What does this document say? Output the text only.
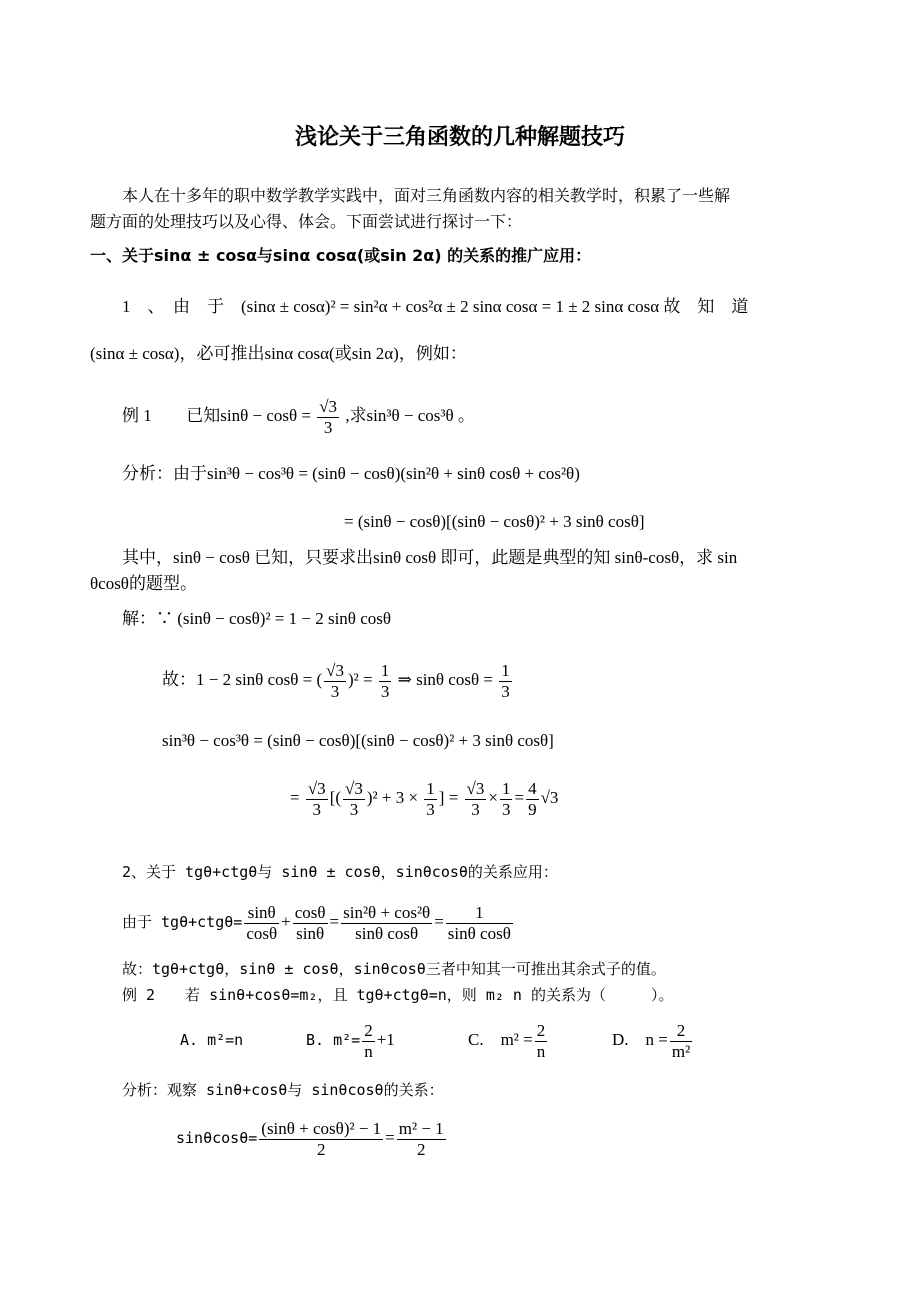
浅论关于三角函数的几种解题技巧
本人在十多年的职中数学教学实践中，面对三角函数内容的相关教学时，积累了一些解
题方面的处理技巧以及心得、体会。下面尝试进行探讨一下：
一、关于sinα ± cosα与sinα cosα(或sin 2α) 的关系的推广应用：
1　、　由　于　(sinα ± cosα)² = sin²α + cos²α ± 2 sinα cosα = 1 ± 2 sinα cosα 故　知　道
(sinα ± cosα)，必可推出sinα cosα(或sin 2α)，例如：
例 1 已知$\sin\theta - \cos\theta = \frac{√3}{3}$ ,求sin³θ − cos³θ 。
分析：由于sin³θ − cos³θ = (sinθ − cosθ)(sin²θ + sinθ cosθ + cos²θ)
= (sinθ − cosθ)[(sinθ − cosθ)² + 3 sinθ cosθ]
其中，sinθ − cosθ 已知，只要求出sinθ cosθ 即可，此题是典型的知 sinθ-cosθ，求 sin
θcosθ的题型。
解：∵ (sinθ − cosθ)² = 1 − 2 sinθ cosθ
故：1 − 2 sinθ cosθ = ( $\frac{√3}{3} )^2 = \frac{1}{3}$ ⇒ sinθ $\cos\theta = \frac{1}{3}$
sin³θ − cos³θ = (sinθ − cosθ)[(sinθ − cosθ)² + 3 sinθ cosθ]
= $\frac{√3}{3}$ [( $\frac{√3}{3} )^2 + 3 \times \frac{1}{3}$ ] = $\frac{√3}{3} \times \frac{1}{3} = \frac{4}{9} √3$
2、关于 tgθ+ctgθ与 sinθ ± cosθ，sinθcosθ的关系应用：
由于 $tg\theta+ctg\theta= \frac{\sin\theta}{\cos\theta} + \frac{\cos\theta}{\sin\theta} = \frac{\text{sin²θ + cos²θ}}{\text{sinθ cosθ}} = \frac{1}{\text{sinθ cosθ}}$
故：tgθ+ctgθ，sinθ ± cosθ，sinθcosθ三者中知其一可推出其余式子的值。
例 2　　若 sinθ+cosθ=m₂，且 tgθ+ctgθ=n，则 m₂ n 的关系为（　　　）。
A. m²=n	B. $m^2= \frac{2}{n} +1$	C.　$m^2 = \frac{2}{n}$	D.　$n = \frac{2}{\text{m²}}$
分析：观察 sinθ+cosθ与 sinθcosθ的关系：
$\sin\theta\cos\theta= \frac{\text{(sinθ + cosθ)² − 1}}{2} = \frac{\text{m² − 1}}{2}$
